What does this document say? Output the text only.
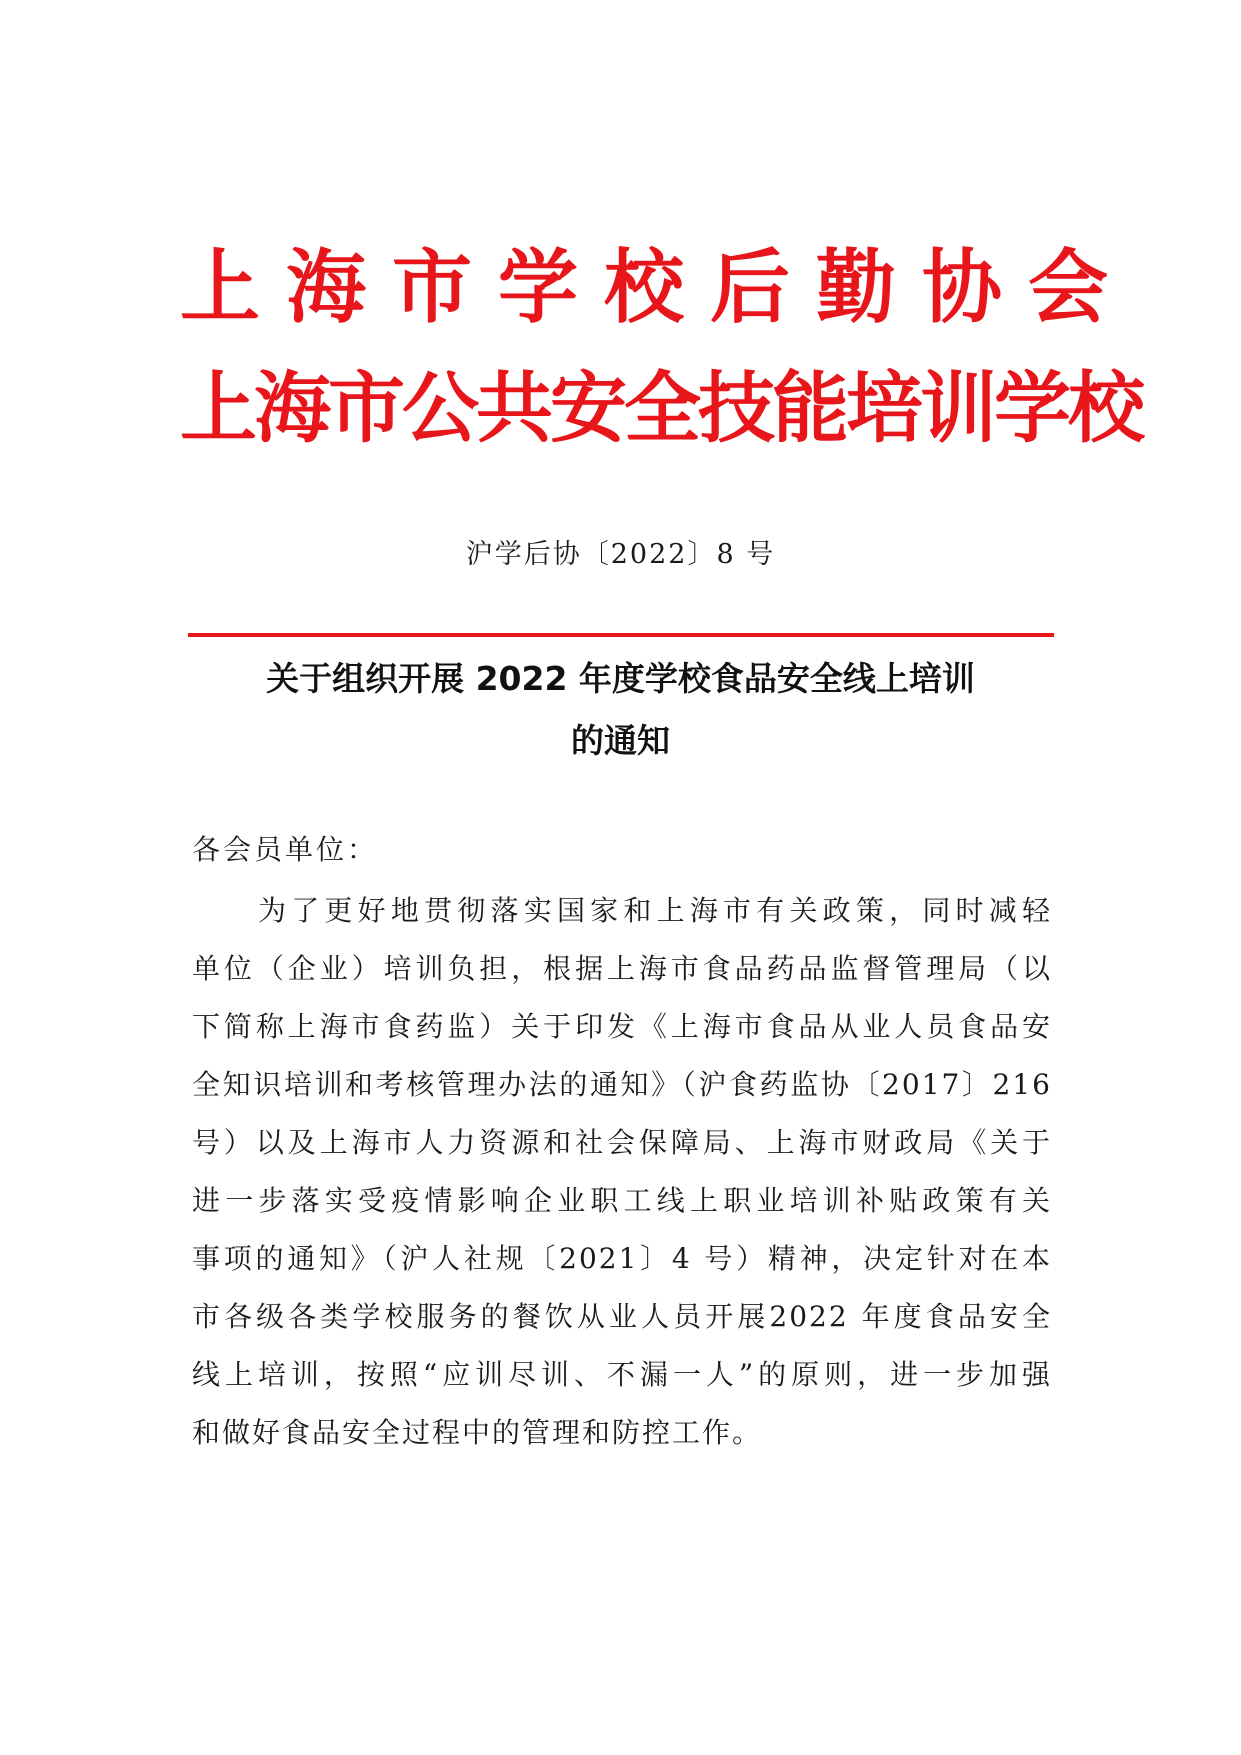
上海市学校后勤协会
上海市公共安全技能培训学校
沪学后协〔2022〕8 号
关于组织开展 2022 年度学校食品安全线上培训
的通知
各会员单位：
为了更好地贯彻落实国家和上海市有关政策，同时减轻
单位（企业）培训负担，根据上海市食品药品监督管理局（以
下简称上海市食药监）关于印发《上海市食品从业人员食品安
全知识培训和考核管理办法的通知》（沪食药监协〔2017〕216
号）以及上海市人力资源和社会保障局、上海市财政局《关于
进一步落实受疫情影响企业职工线上职业培训补贴政策有关
事项的通知》（沪人社规〔2021〕4 号）精神，决定针对在本
市各级各类学校服务的餐饮从业人员开展2022 年度食品安全
线上培训，按照“应训尽训、不漏一人”的原则，进一步加强
和做好食品安全过程中的管理和防控工作。
